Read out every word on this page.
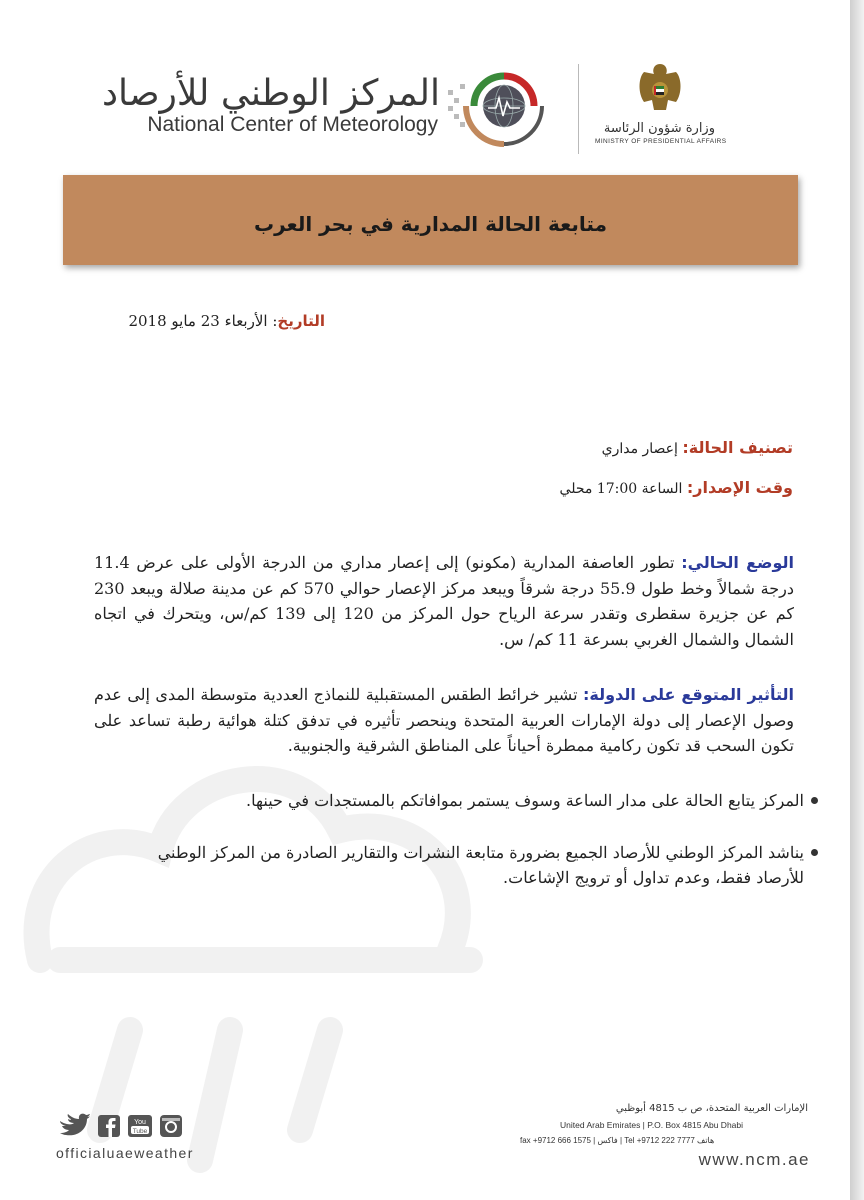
المركز الوطني للأرصاد
National Center of Meteorology	وزارة شؤون الرئاسة
MINISTRY OF PRESIDENTIAL AFFAIRS
متابعة الحالة المدارية في بحر العرب
التاريخ: الأربعاء 23 مايو 2018
تصنيف الحالة: إعصار مداري
وقت الإصدار: الساعة 17:00 محلي
الوضع الحالي: تطور العاصفة المدارية (مكونو) إلى إعصار مداري من الدرجة الأولى على عرض 11.4 درجة شمالاً وخط طول 55.9 درجة شرقاً ويبعد مركز الإعصار حوالي 570 كم عن مدينة صلالة ويبعد 230 كم عن جزيرة سقطرى وتقدر سرعة الرياح حول المركز من 120 إلى 139 كم/س، ويتحرك في اتجاه الشمال والشمال الغربي بسرعة 11 كم/ س.
التأثير المتوقع على الدولة: تشير خرائط الطقس المستقبلية للنماذج العددية متوسطة المدى إلى عدم وصول الإعصار إلى دولة الإمارات العربية المتحدة وينحصر تأثيره في تدفق كتلة هوائية رطبة تساعد على تكون السحب قد تكون ركامية ممطرة أحياناً على المناطق الشرقية والجنوبية.
المركز يتابع الحالة على مدار الساعة وسوف يستمر بموافاتكم بالمستجدات في حينها.
يناشد المركز الوطني للأرصاد الجميع بضرورة متابعة النشرات والتقارير الصادرة من المركز الوطني للأرصاد فقط، وعدم تداول أو ترويج الإشاعات.
You
Tube
officialuaeweather
الإمارات العربية المتحدة، ص ب 4815 أبوظبي
United Arab Emirates | P.O. Box 4815 Abu Dhabi
fax +9712 666 1575 | فاكس | Tel +9712 222 7777 هاتف
www.ncm.ae
